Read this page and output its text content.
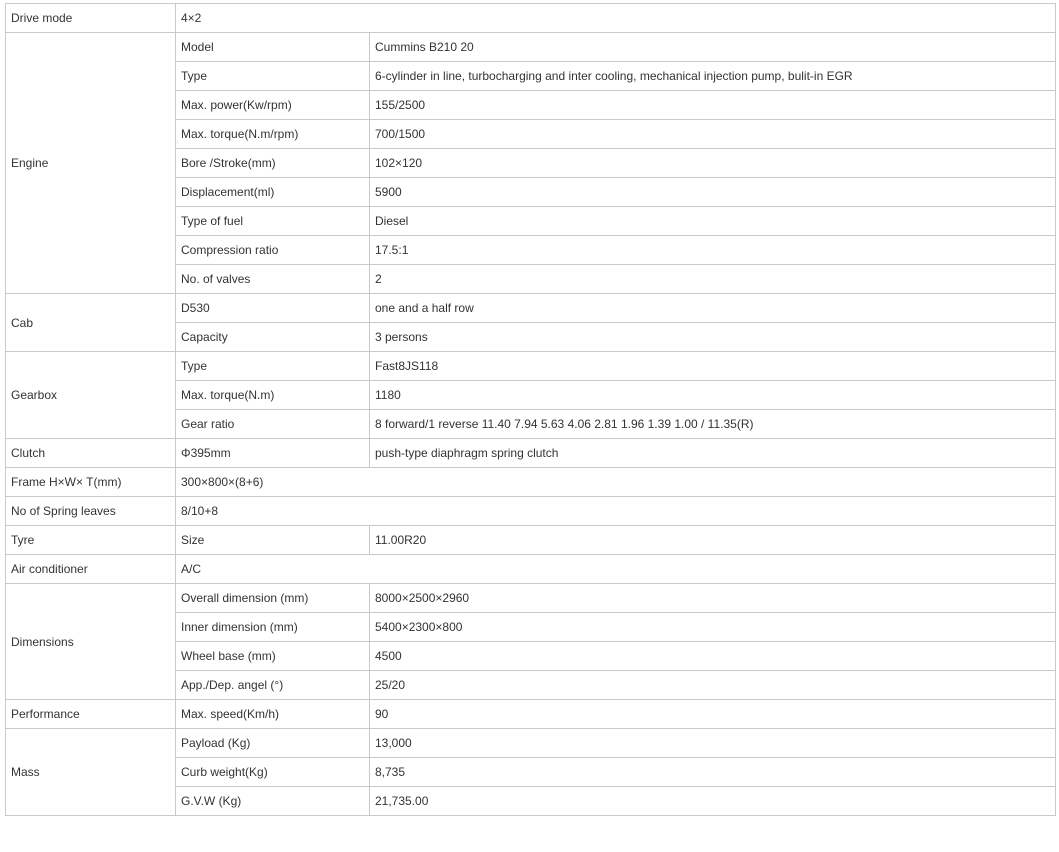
Drive mode	4×2	
Engine	Model	Cummins B210 20
	Type	6-cylinder in line, turbocharging and inter cooling, mechanical injection pump, bulit-in EGR
	Max. power(Kw/rpm)	155/2500
	Max. torque(N.m/rpm)	700/1500
	Bore /Stroke(mm)	102×120
	Displacement(ml)	5900
	Type of fuel	Diesel
	Compression ratio	17.5:1
	No. of valves	2
Cab	D530	one and a half row
	Capacity	3 persons
Gearbox	Type	Fast8JS118
	Max. torque(N.m)	1180
	Gear ratio	8 forward/1 reverse 11.40 7.94 5.63 4.06 2.81 1.96 1.39 1.00 / 11.35(R)
Clutch	Φ395mm	push-type diaphragm spring clutch
Frame H×W× T(mm)	300×800×(8+6)	
No of Spring leaves	8/10+8	
Tyre	Size	11.00R20
Air conditioner	A/C	
Dimensions	Overall dimension (mm)	8000×2500×2960
	Inner dimension (mm)	5400×2300×800
	Wheel base (mm)	4500
	App./Dep. angel (°)	25/20
Performance	Max. speed(Km/h)	90
Mass	Payload (Kg)	13,000
	Curb weight(Kg)	8,735
	G.V.W (Kg)	21,735.00
